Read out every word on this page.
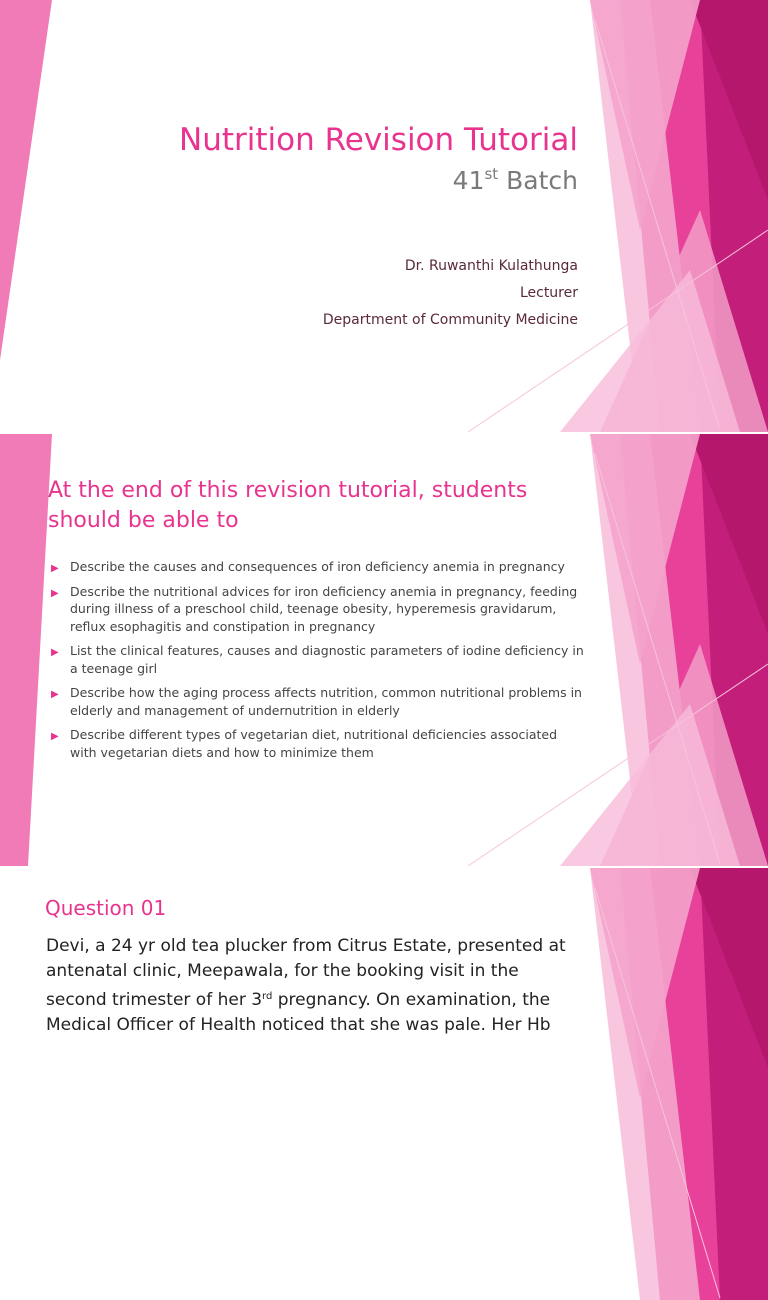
Nutrition Revision Tutorial
41st Batch
Dr. Ruwanthi Kulathunga
Lecturer
Department of Community Medicine
At the end of this revision tutorial, students should be able to
▶ Describe the causes and consequences of iron deficiency anemia in pregnancy
▶ Describe the nutritional advices for iron deficiency anemia in pregnancy, feeding during illness of a preschool child, teenage obesity, hyperemesis gravidarum, reflux esophagitis and constipation in pregnancy
▶ List the clinical features, causes and diagnostic parameters of iodine deficiency in a teenage girl
▶ Describe how the aging process affects nutrition, common nutritional problems in elderly and management of undernutrition in elderly
▶ Describe different types of vegetarian diet, nutritional deficiencies associated with vegetarian diets and how to minimize them
Question 01
Devi, a 24 yr old tea plucker from Citrus Estate, presented at antenatal clinic, Meepawala, for the booking visit in the second trimester of her 3rd pregnancy. On examination, the Medical Officer of Health noticed that she was pale. Her Hb
